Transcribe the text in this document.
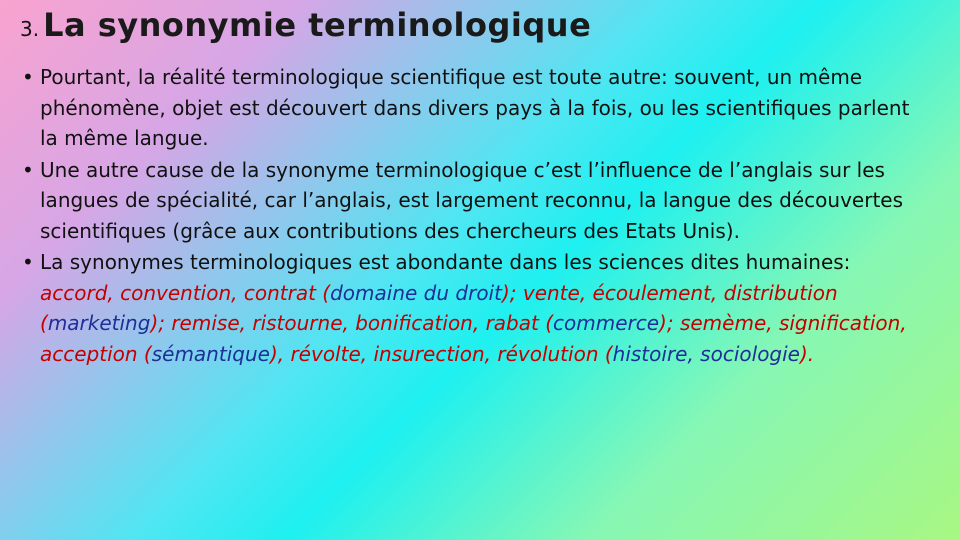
3. La synonymie terminologique
• Pourtant, la réalité terminologique scientifique est toute autre: souvent, un même phénomène, objet est découvert dans divers pays à la fois, ou les scientifiques parlent la même langue.
• Une autre cause de la synonyme terminologique c’est l’influence de l’anglais sur les langues de spécialité, car l’anglais, est largement reconnu, la langue des découvertes scientifiques (grâce aux contributions des chercheurs des Etats Unis).
• La synonymes terminologiques est abondante dans les sciences dites humaines: accord, convention, contrat (domaine du droit); vente, écoulement, distribution (marketing); remise, ristourne, bonification, rabat (commerce); semème, signification, acception (sémantique), révolte, insurection, révolution (histoire, sociologie).
